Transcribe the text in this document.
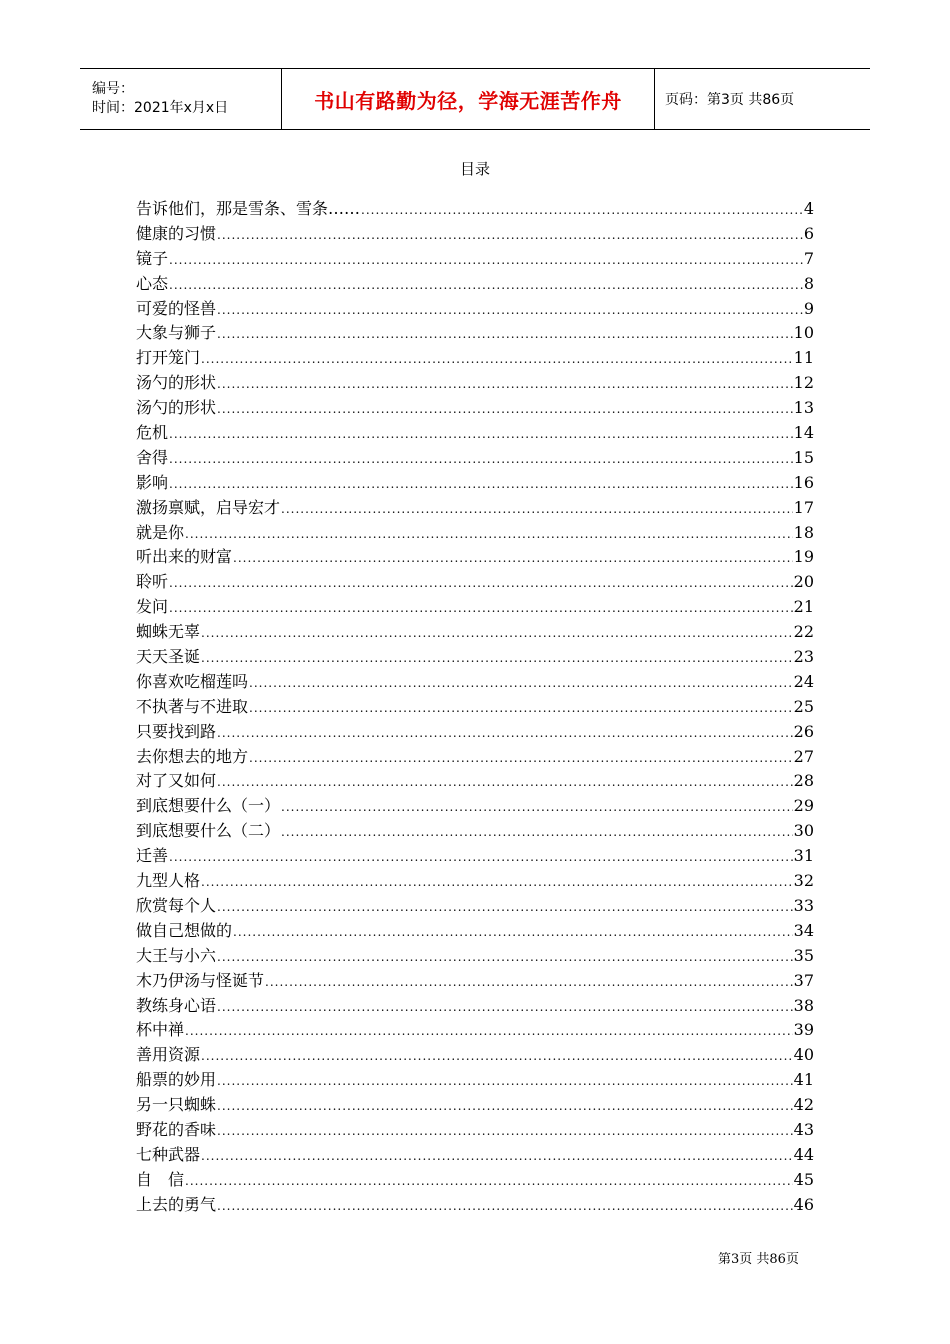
编号：
时间：2021年x月x日	书山有路勤为径，学海无涯苦作舟	页码：第3页 共86页
目录
告诉他们，那是雪条、雪条…… .....	4
健康的习惯 .....	6
镜子 .....	7
心态 .....	8
可爱的怪兽 .....	9
大象与狮子 .....	10
打开笼门 .....	11
汤勺的形状 .....	12
汤勺的形状 .....	13
危机 .....	14
舍得 .....	15
影响 .....	16
激扬禀赋，启导宏才 .....	17
就是你 .....	18
听出来的财富 .....	19
聆听 .....	20
发问 .....	21
蜘蛛无辜 .....	22
天天圣诞 .....	23
你喜欢吃榴莲吗 .....	24
不执著与不进取 .....	25
只要找到路 .....	26
去你想去的地方 .....	27
对了又如何 .....	28
到底想要什么（一） .....	29
到底想要什么（二） .....	30
迁善 .....	31
九型人格 .....	32
欣赏每个人 .....	33
做自己想做的 .....	34
大王与小六 .....	35
木乃伊汤与怪诞节 .....	37
教练身心语 .....	38
杯中禅 .....	39
善用资源 .....	40
船票的妙用 .....	41
另一只蜘蛛 .....	42
野花的香味 .....	43
七种武器 .....	44
自　信 .....	45
上去的勇气 .....	46
第3页 共86页
